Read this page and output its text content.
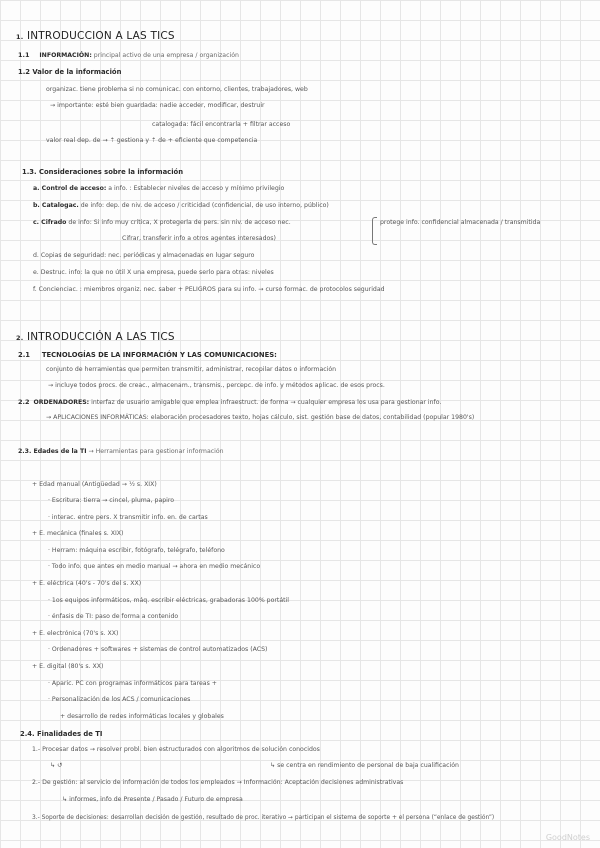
1. INTRODUCCION A LAS TICS
1.1 INFORMACIÓN: principal activo de una empresa / organización
1.2 Valor de la información
organizac. tiene problema si no comunicac. con entorno, clientes, trabajadores, web
→ importante: esté bien guardada: nadie acceder, modificar, destruir
catalogada: fácil encontrarla + filtrar acceso
valor real dep. de → ⇡ gestiona y ⇡ de + eficiente que competencia
1.3. Consideraciones sobre la información
a. Control de acceso: a info. : Establecer niveles de acceso y mínimo privilegio
b. Catalogac. de info: dep. de niv. de acceso / criticidad (confidencial, de uso interno, público)
c. Cifrado de info: Si info muy crítica, X protegerla de pers. sin niv. de acceso nec.
Cifrar, transferir info a otros agentes interesados)
protege info. confidencial almacenada / transmitida
d. Copias de seguridad: nec. periódicas y almacenadas en lugar seguro
e. Destruc. info: la que no útil X una empresa, puede serlo para otras: niveles
f. Concienciac. : miembros organiz. nec. saber + PELIGROS para su info. → curso formac. de protocolos seguridad
2. INTRODUCCIÓN A LAS TICS
2.1 TECNOLOGÍAS DE LA INFORMACIÓN Y LAS COMUNICACIONES:
conjunto de herramientas que permiten transmitir, administrar, recopilar datos o información
→ incluye todos procs. de creac., almacenam., transmis., percepc. de info. y métodos aplicac. de esos procs.
2.2 ORDENADORES: interfaz de usuario amigable que emplea infraestruct. de forma → cualquier empresa los usa para gestionar info.
→ APLICACIONES INFORMÁTICAS: elaboración procesadores texto, hojas cálculo, sist. gestión base de datos, contabilidad (popular 1980's)
2.3. Edades de la TI → Herramientas para gestionar información
+ Edad manual (Antigüedad → ½ s. XIX)
· Escritura: tierra → cincel, pluma, papiro
· interac. entre pers. X transmitir info. en. de cartas
+ E. mecánica (finales s. XIX)
· Herram: máquina escribir, fotógrafo, telégrafo, teléfono
· Todo info. que antes en medio manual → ahora en medio mecánico
+ E. eléctrica (40's - 70's del s. XX)
· 1os equipos informáticos, máq. escribir eléctricas, grabadoras 100% portátil
· énfasis de TI: paso de forma a contenido
+ E. electrónica (70's s. XX)
· Ordenadores + softwares + sistemas de control automatizados (ACS)
+ E. digital (80's s. XX)
· Aparic. PC con programas informáticos para tareas +
· Personalización de los ACS / comunicaciones
+ desarrollo de redes informáticas locales y globales
2.4. Finalidades de TI
1.- Procesar datos → resolver probl. bien estructurados con algoritmos de solución conocidos
↳ ↺	↳ se centra en rendimiento de personal de baja cualificación
2.- De gestión: al servicio de información de todos los empleados → Información: Aceptación decisiones administrativas
↳ informes, info de Presente / Pasado / Futuro de empresa
3.- Soporte de decisiones: desarrollan decisión de gestión, resultado de proc. iterativo → participan el sistema de soporte + el persona (“enlace de gestión”)
GoodNotes
